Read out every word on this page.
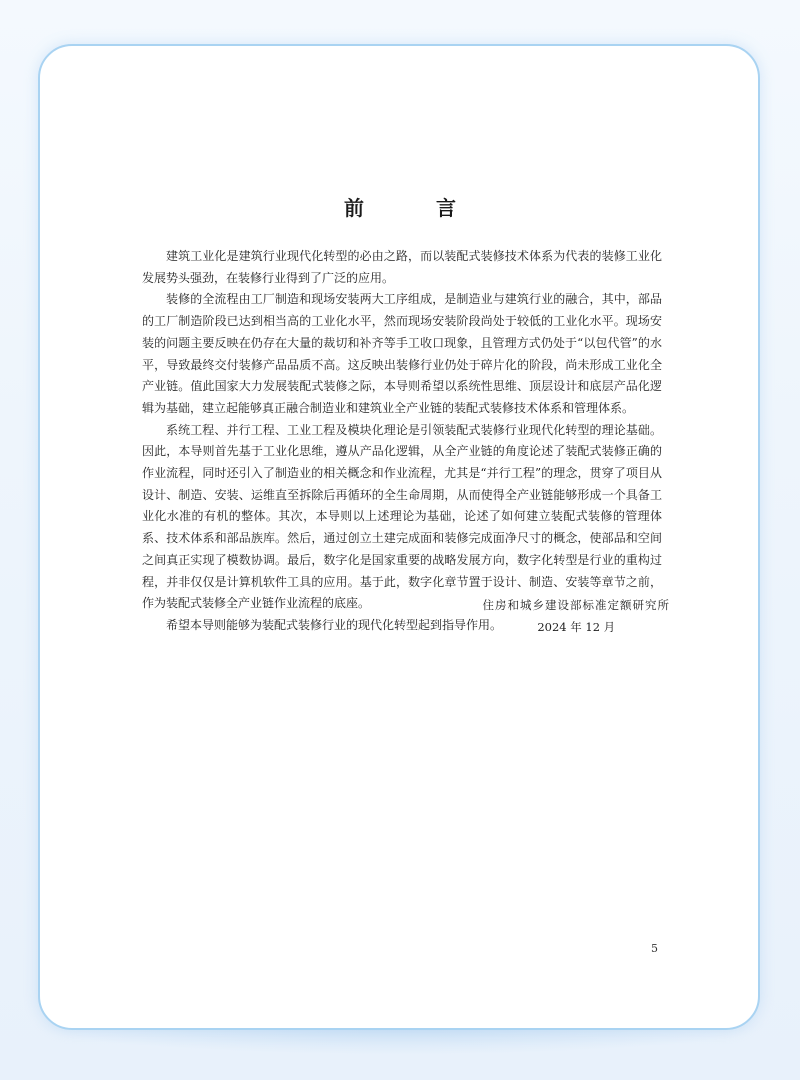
前　言

建筑工业化是建筑行业现代化转型的必由之路，而以装配式装修技术体系为代表的装修工业化发展势头强劲，在装修行业得到了广泛的应用。

装修的全流程由工厂制造和现场安装两大工序组成，是制造业与建筑行业的融合，其中，部品的工厂制造阶段已达到相当高的工业化水平，然而现场安装阶段尚处于较低的工业化水平。现场安装的问题主要反映在仍存在大量的裁切和补齐等手工收口现象，且管理方式仍处于“以包代管”的水平，导致最终交付装修产品品质不高。这反映出装修行业仍处于碎片化的阶段，尚未形成工业化全产业链。值此国家大力发展装配式装修之际，本导则希望以系统性思维、顶层设计和底层产品化逻辑为基础，建立起能够真正融合制造业和建筑业全产业链的装配式装修技术体系和管理体系。

系统工程、并行工程、工业工程及模块化理论是引领装配式装修行业现代化转型的理论基础。因此，本导则首先基于工业化思维，遵从产品化逻辑，从全产业链的角度论述了装配式装修正确的作业流程，同时还引入了制造业的相关概念和作业流程，尤其是“并行工程”的理念，贯穿了项目从设计、制造、安装、运维直至拆除后再循环的全生命周期，从而使得全产业链能够形成一个具备工业化水准的有机的整体。其次，本导则以上述理论为基础，论述了如何建立装配式装修的管理体系、技术体系和部品族库。然后，通过创立土建完成面和装修完成面净尺寸的概念，使部品和空间之间真正实现了模数协调。最后，数字化是国家重要的战略发展方向，数字化转型是行业的重构过程，并非仅仅是计算机软件工具的应用。基于此，数字化章节置于设计、制造、安装等章节之前，作为装配式装修全产业链作业流程的底座。

希望本导则能够为装配式装修行业的现代化转型起到指导作用。

住房和城乡建设部标准定额研究所
2024 年 12 月
5
